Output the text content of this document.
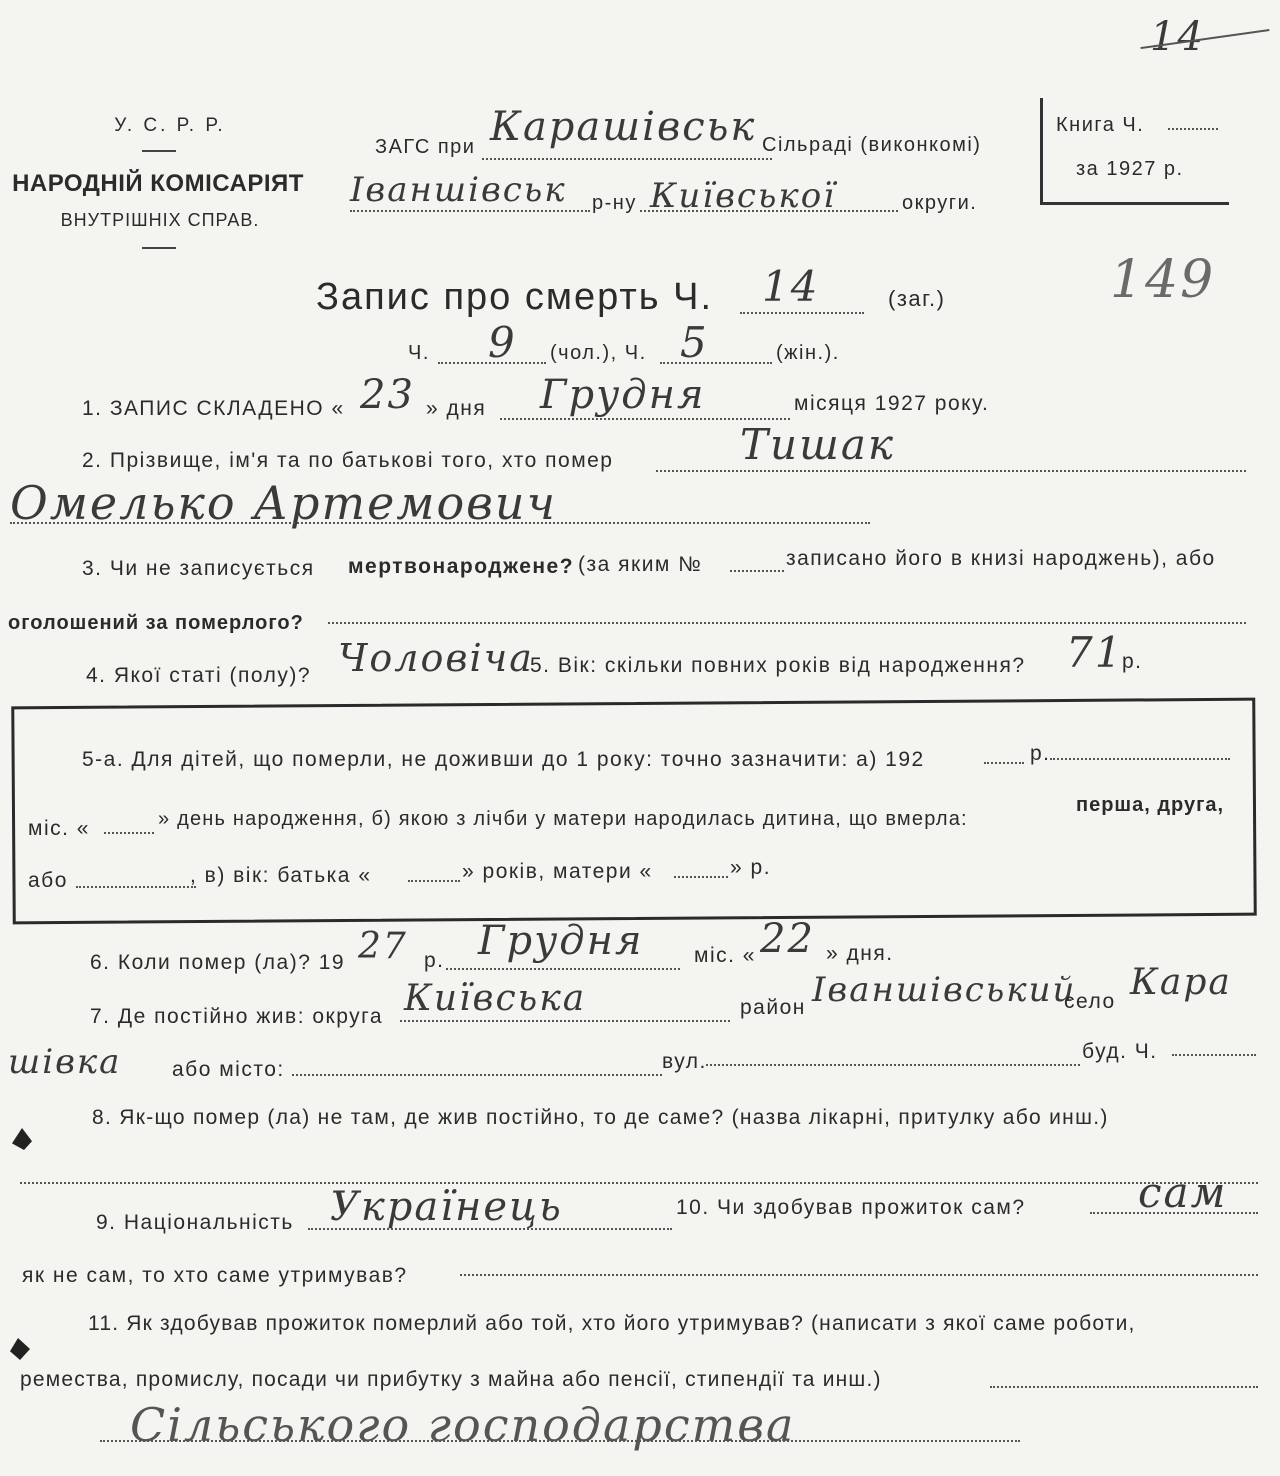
14
У. С. Р. Р.
НАРОДНІЙ КОМІСАРІЯТ
ВНУТРІШНІХ СПРАВ.
ЗАГС при Карашівськ Сільраді (виконкомі)
Іваншівськ р-ну Київської	округи.
Книга Ч.
за 1927 р.
149
Запис про смерть Ч. 14	(заг.)
Ч. 9 (чол.), Ч. 5	(жін.).
1. ЗАПИС СКЛАДЕНО « 23 » дня Грудня	місяця 1927 року.
2. Прізвище, ім'я та по батькові того, хто помер	Тишак
Омелько Артемович
3. Чи не записується мертвонароджене? (за яким №	записано його в книзі народжень), або
оголошений за померлого?
4. Якої статі (полу)? Чоловіча
5. Вік: скільки повних років від народження? 71
р.
5-а. Для дітей, що померли, не доживши до 1 року: точно зазначити: а) 192	р.
міс. «	» день народження, б) якою з лічби у матери народилась дитина, що вмерла:
перша, друга,
або	, в) вік: батька «	» років, матери «	» р.
6. Коли помер (ла)? 19 27 р. Грудня міс. « 22 » дня.
7. Де постійно жив: округа Київська	район Іваншівський
село Кара
шівка або місто:	вул.	буд. Ч.
8. Як-що помер (ла) не там, де жив постійно, то де саме? (назва лікарні, притулку або инш.)
9. Національність Українець	10. Чи здобував прожиток сам?	сам
як не сам, то хто саме утримував?
11. Як здобував прожиток померлий або той, хто його утримував? (написати з якої саме роботи,
ремества, промислу, посади чи прибутку з майна або пенсії, стипендії та инш.)
Сільського господарства
